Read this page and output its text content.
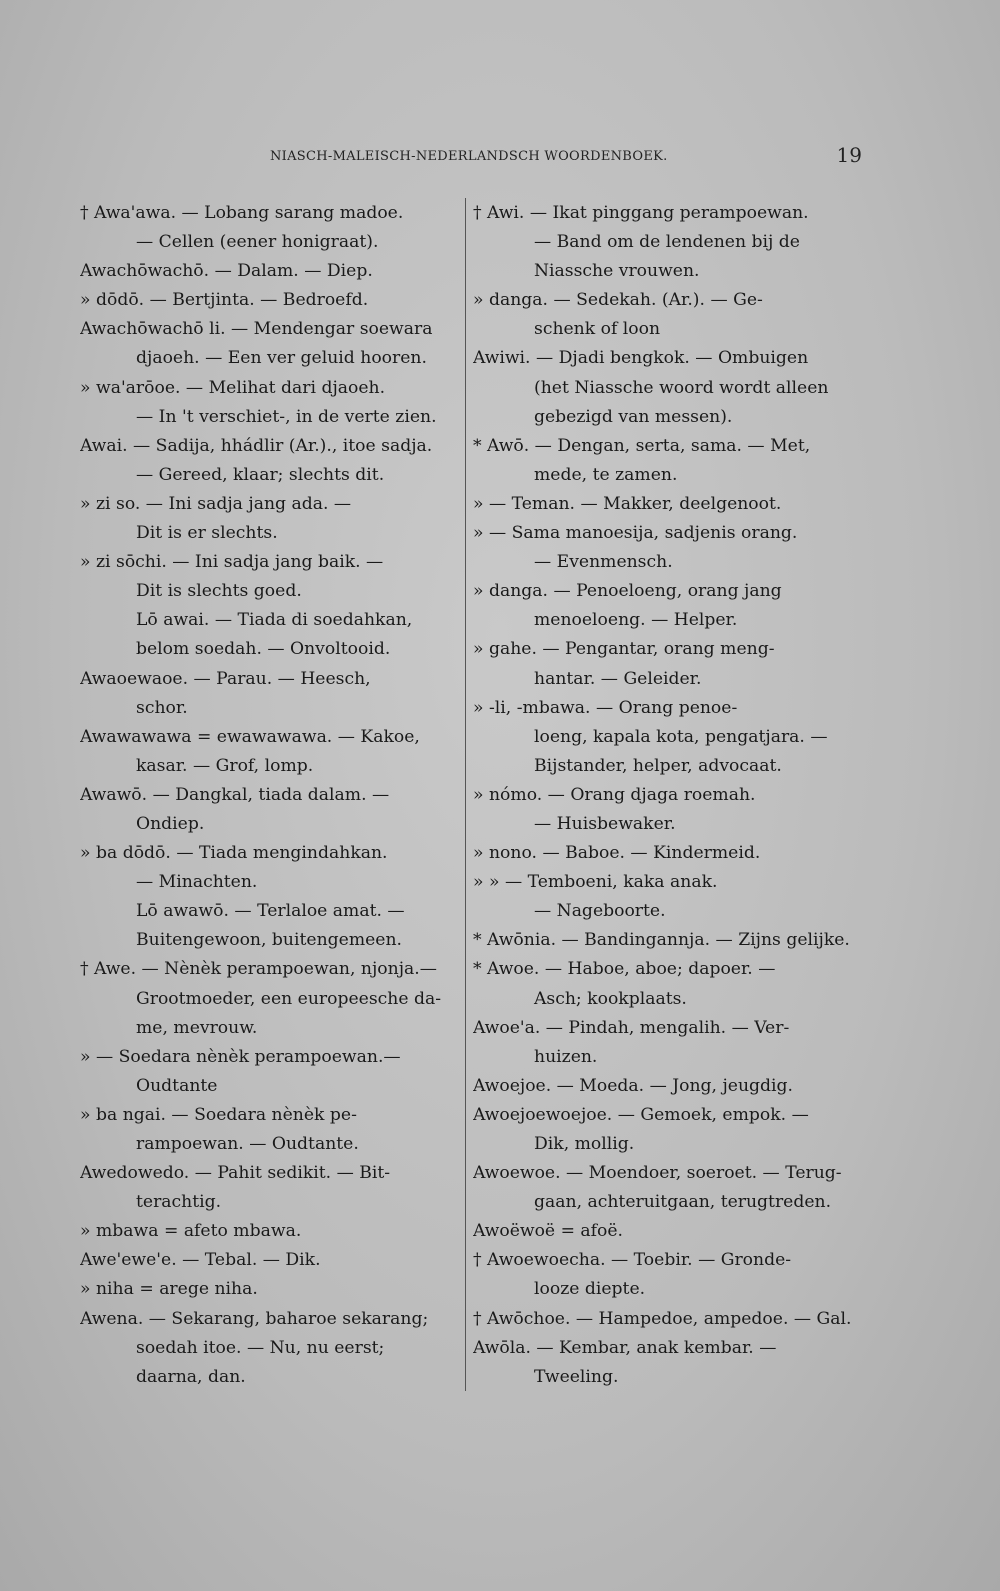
NIASCH-MALEISCH-NEDERLANDSCH WOORDENBOEK.	19
† Awa'awa. — Lobang sarang madoe.
— Cellen (eener honigraat).
Awachōwachō. — Dalam. — Diep.
» dōdō. — Bertjinta. — Bedroefd.
Awachōwachō li. — Mendengar soewara
djaoeh. — Een ver geluid hooren.
» wa'arōoe. — Melihat dari djaoeh.
— In 't verschiet-, in de verte zien.
Awai. — Sadija, hhádlir (Ar.)., itoe sadja.
— Gereed, klaar; slechts dit.
» zi so. — Ini sadja jang ada. —
Dit is er slechts.
» zi sōchi. — Ini sadja jang baik. —
Dit is slechts goed.
Lō awai. — Tiada di soedahkan,
belom soedah. — Onvoltooid.
Awaoewaoe. — Parau. — Heesch,
schor.
Awawawawa = ewawawawa. — Kakoe,
kasar. — Grof, lomp.
Awawō. — Dangkal, tiada dalam. —
Ondiep.
» ba dōdō. — Tiada mengindahkan.
— Minachten.
Lō awawō. — Terlaloe amat. —
Buitengewoon, buitengemeen.
† Awe. — Nènèk perampoewan, njonja.—
Grootmoeder, een europeesche da-
me, mevrouw.
» — Soedara nènèk perampoewan.—
Oudtante
» ba ngai. — Soedara nènèk pe-
rampoewan. — Oudtante.
Awedowedo. — Pahit sedikit. — Bit-
terachtig.
» mbawa = afeto mbawa.
Awe'ewe'e. — Tebal. — Dik.
» niha = arege niha.
Awena. — Sekarang, baharoe sekarang;
soedah itoe. — Nu, nu eerst;
daarna, dan.
† Awi. — Ikat pinggang perampoewan.
— Band om de lendenen bij de
Niassche vrouwen.
» danga. — Sedekah. (Ar.). — Ge-
schenk of loon
Awiwi. — Djadi bengkok. — Ombuigen
(het Niassche woord wordt alleen
gebezigd van messen).
* Awō. — Dengan, serta, sama. — Met,
mede, te zamen.
» — Teman. — Makker, deelgenoot.
» — Sama manoesija, sadjenis orang.
— Evenmensch.
» danga. — Penoeloeng, orang jang
menoeloeng. — Helper.
» gahe. — Pengantar, orang meng-
hantar. — Geleider.
» -li, -mbawa. — Orang penoe-
loeng, kapala kota, pengatjara. —
Bijstander, helper, advocaat.
» nómo. — Orang djaga roemah.
— Huisbewaker.
» nono. — Baboe. — Kindermeid.
» » — Temboeni, kaka anak.
— Nageboorte.
* Awōnia. — Bandingannja. — Zijns gelijke.
* Awoe. — Haboe, aboe; dapoer. —
Asch; kookplaats.
Awoe'a. — Pindah, mengalih. — Ver-
huizen.
Awoejoe. — Moeda. — Jong, jeugdig.
Awoejoewoejoe. — Gemoek, empok. —
Dik, mollig.
Awoewoe. — Moendoer, soeroet. — Terug-
gaan, achteruitgaan, terugtreden.
Awoëwoë = afoë.
† Awoewoecha. — Toebir. — Gronde-
looze diepte.
† Awōchoe. — Hampedoe, ampedoe. — Gal.
Awōla. — Kembar, anak kembar. —
Tweeling.
